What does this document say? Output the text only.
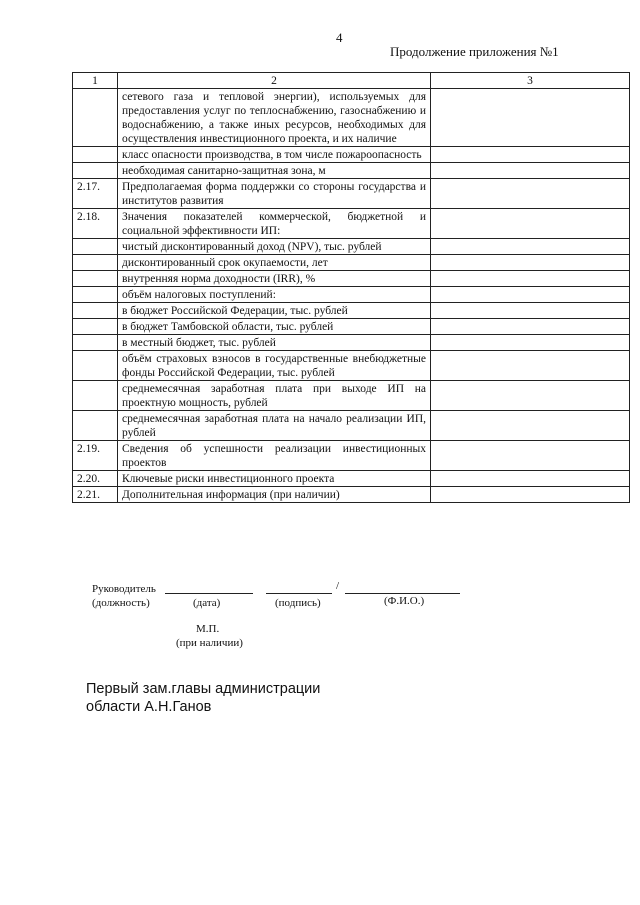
4
Продолжение приложения №1
1	2	3
	сетевого газа и тепловой энергии), используемых для предоставления услуг по теплоснабжению, газоснабжению и водоснабжению, а также иных ресурсов, необходимых для осуществления инвестиционного проекта, и их наличие	
	класс опасности производства, в том числе пожароопасность	
	необходимая санитарно-защитная зона, м	
2.17.	Предполагаемая форма поддержки со стороны государства и институтов развития	
2.18.	Значения показателей коммерческой, бюджетной и социальной эффективности ИП:	
	чистый дисконтированный доход (NPV), тыс. рублей	
	дисконтированный срок окупаемости, лет	
	внутренняя норма доходности (IRR), %	
	объём налоговых поступлений:	
	в бюджет Российской Федерации, тыс. рублей	
	в бюджет Тамбовской области, тыс. рублей	
	в местный бюджет, тыс. рублей	
	объём страховых взносов в государственные внебюджетные фонды Российской Федерации, тыс. рублей	
	среднемесячная заработная плата при выходе ИП на проектную мощность, рублей	
	среднемесячная заработная плата на начало реализации ИП, рублей	
2.19.	Сведения об успешности реализации инвестиционных проектов	
2.20.	Ключевые риски инвестиционного проекта	
2.21.	Дополнительная информация (при наличии)	
Руководитель
(должность)
/
(дата)	(подпись)	(Ф.И.О.)
М.П.
(при наличии)
Первый зам.главы администрации
области А.Н.Ганов
